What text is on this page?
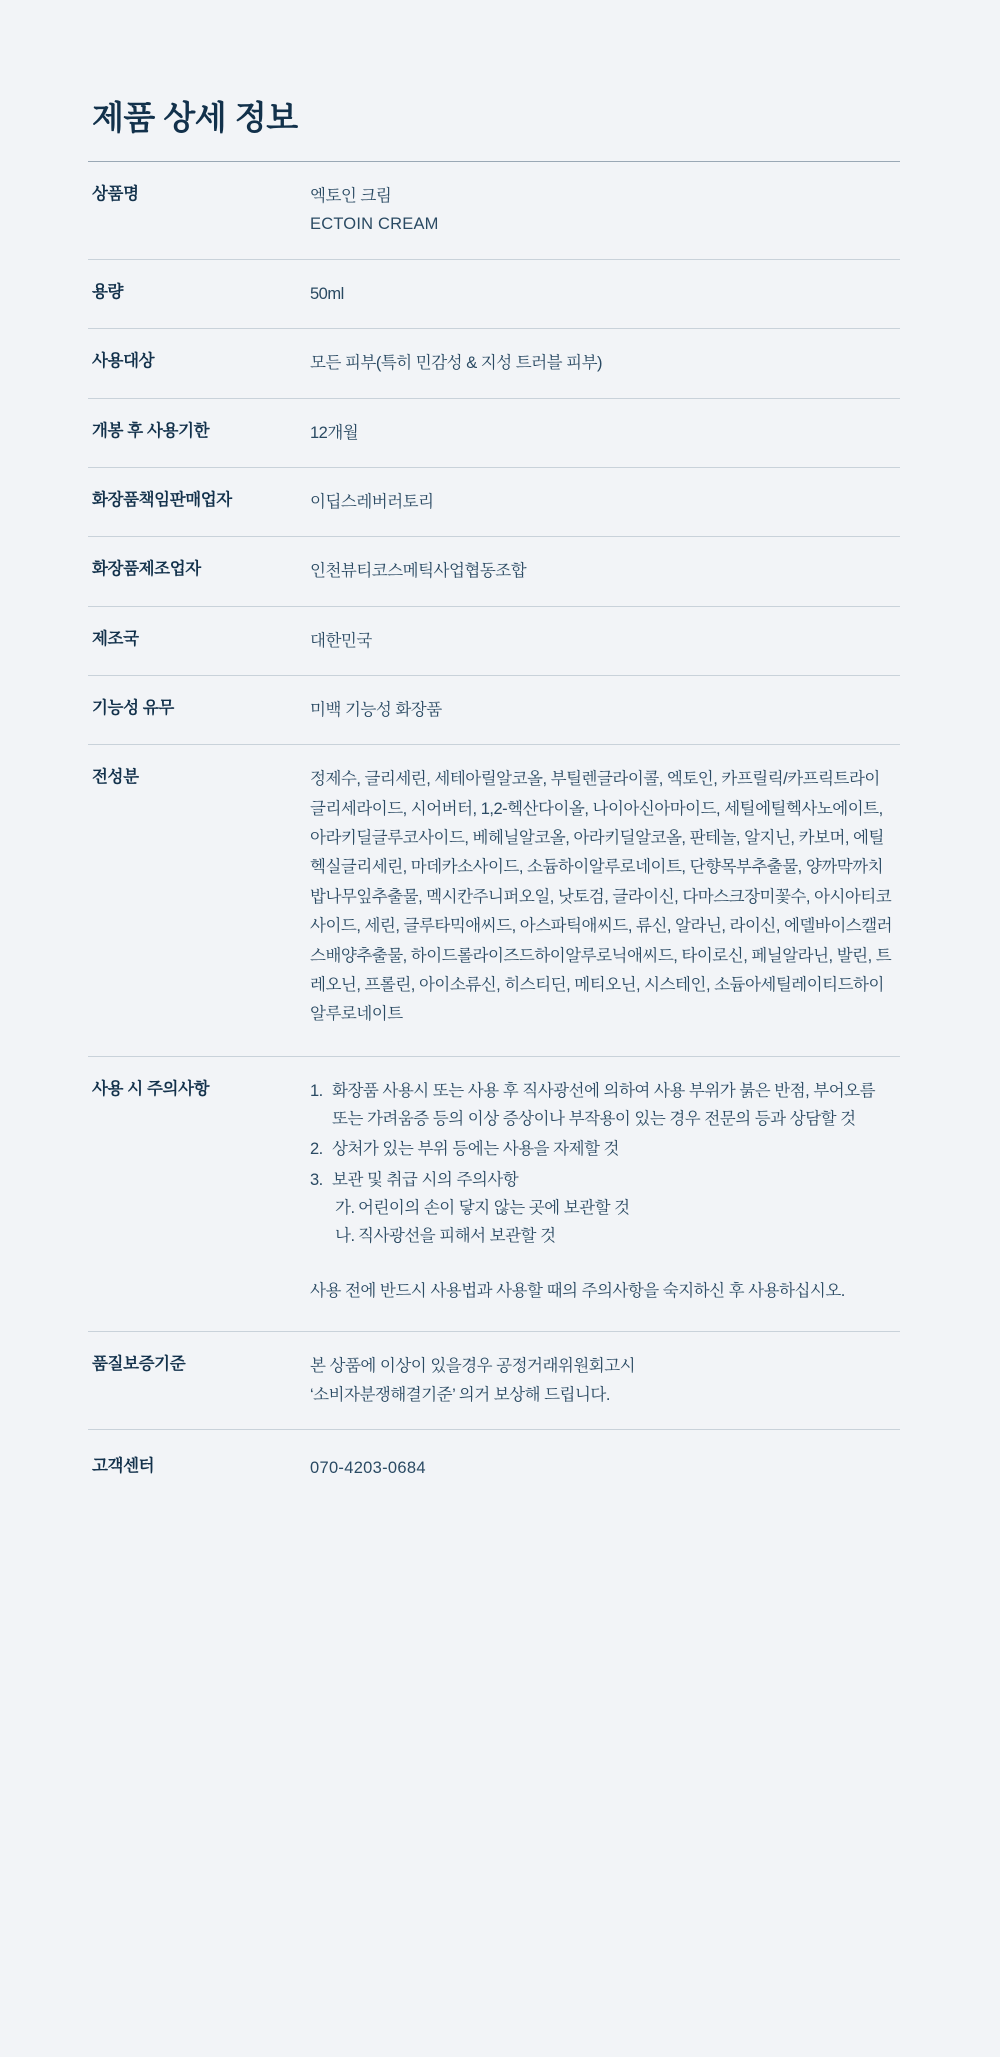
제품 상세 정보
상품명	엑토인 크림
ECTOIN CREAM

용량	50ml
사용대상	모든 피부(특히 민감성 & 지성 트러블 피부)
개봉 후 사용기한	12개월
화장품책임판매업자	이딥스레버러토리
화장품제조업자	인천뷰티코스메틱사업협동조합
제조국	대한민국
기능성 유무	미백 기능성 화장품
전성분	정제수, 글리세린, 세테아릴알코올, 부틸렌글라이콜, 엑토인, 카프릴릭/카프릭트라이글리세라이드, 시어버터, 1,2-헥산다이올, 나이아신아마이드, 세틸에틸헥사노에이트, 아라키딜글루코사이드, 베헤닐알코올, 아라키딜알코올, 판테놀, 알지닌, 카보머, 에틸헥실글리세린, 마데카소사이드, 소듐하이알루로네이트, 단향목부추출물, 양까막까치밥나무잎추출물, 멕시칸주니퍼오일, 낫토검, 글라이신, 다마스크장미꽃수, 아시아티코사이드, 세린, 글루타믹애씨드, 아스파틱애씨드, 류신, 알라닌, 라이신, 에델바이스캘러스배양추출물, 하이드롤라이즈드하이알루로닉애씨드, 타이로신, 페닐알라닌, 발린, 트레오닌, 프롤린, 아이소류신, 히스티딘, 메티오닌, 시스테인, 소듐아세틸레이티드하이알루로네이트
사용 시 주의사항	1. 화장품 사용시 또는 사용 후 직사광선에 의하여 사용 부위가 붉은 반점, 부어오름 또는 가려움증 등의 이상 증상이나 부작용이 있는 경우 전문의 등과 상담할 것
2. 상처가 있는 부위 등에는 사용을 자제할 것
3. 보관 및 취급 시의 주의사항
가. 어린이의 손이 닿지 않는 곳에 보관할 것
나. 직사광선을 피해서 보관할 것
사용 전에 반드시 사용법과 사용할 때의 주의사항을 숙지하신 후 사용하십시오.

품질보증기준	본 상품에 이상이 있을경우 공정거래위원회고시
‘소비자분쟁해결기준’ 의거 보상해 드립니다.

고객센터	070-4203-0684
